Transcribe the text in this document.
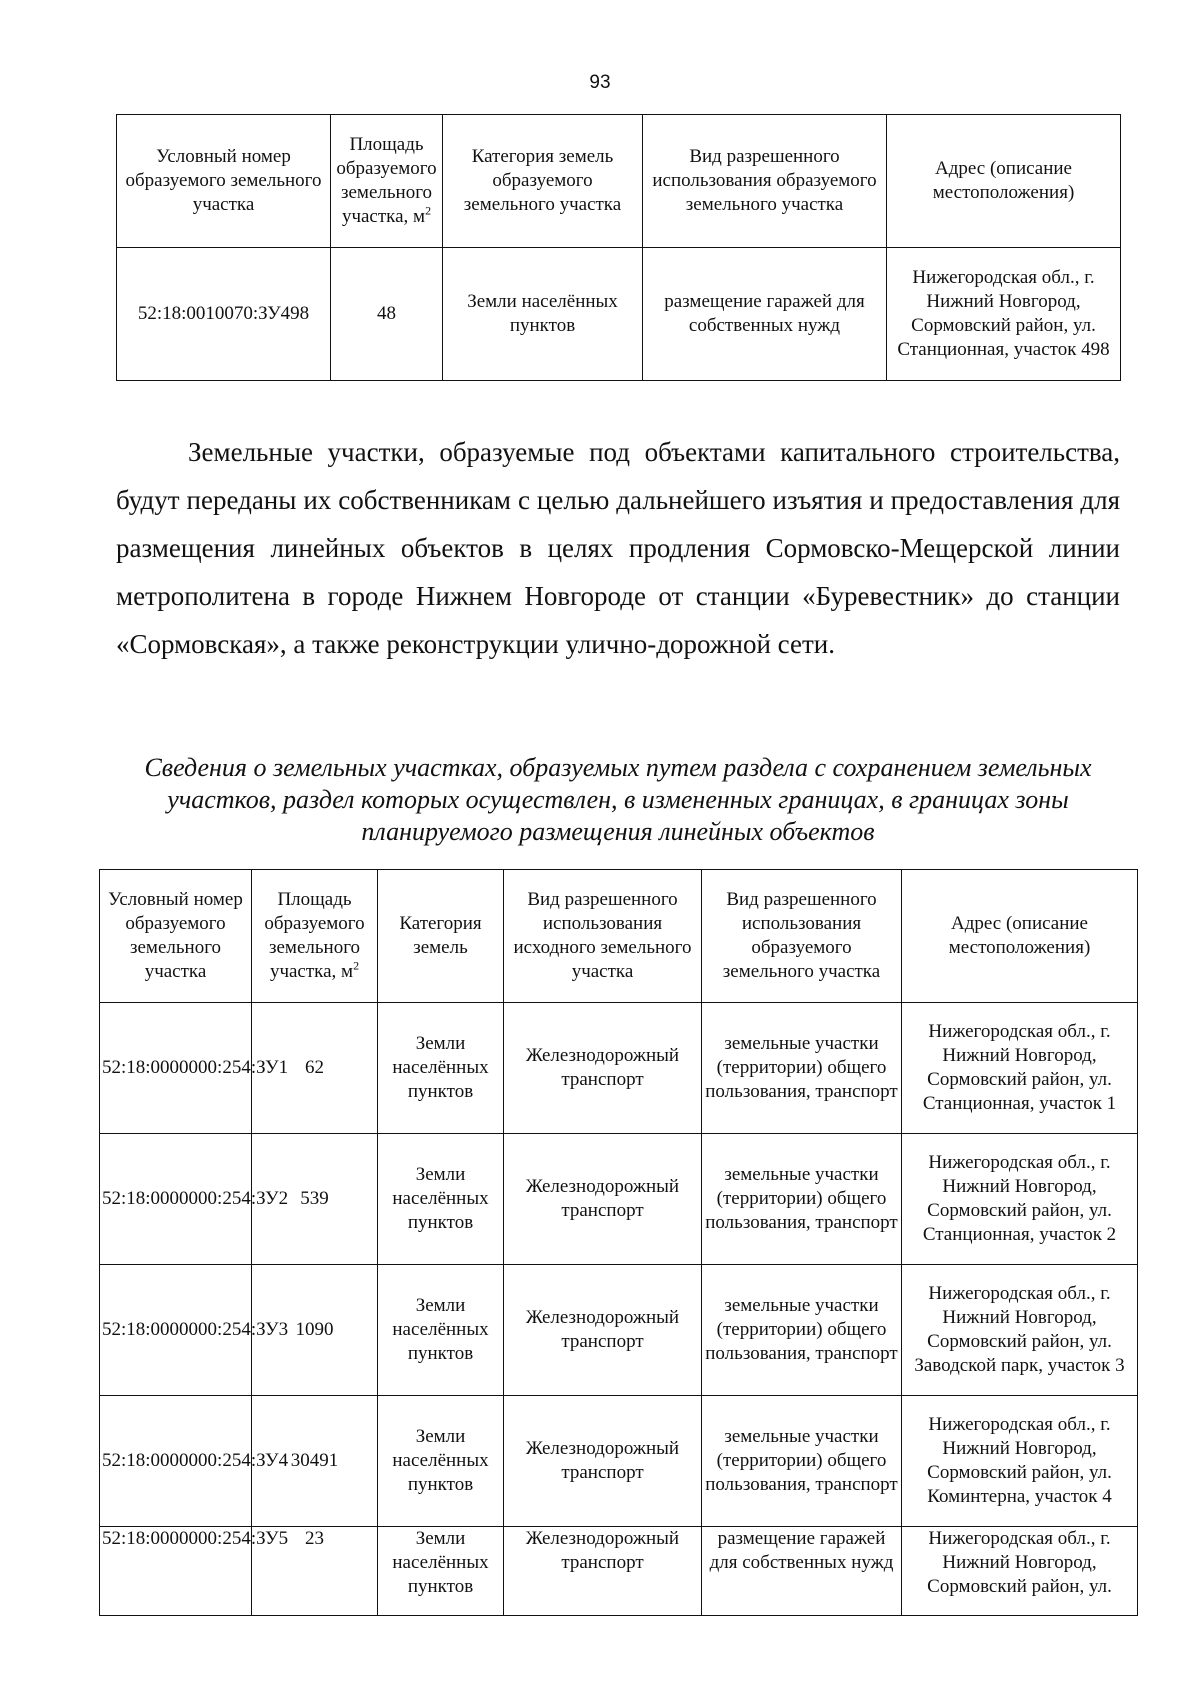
93
Условный номер образуемого земельного участка	Площадь образуемого земельного участка, $м^2$	Категория земель образуемого земельного участка	Вид разрешенного использования образуемого земельного участка	Адрес (описание местоположения)
52:18:0010070:ЗУ498	48	Земли населённых пунктов	размещение гаражей для собственных нужд	Нижегородская обл., г. Нижний Новгород, Сормовский район, ул. Станционная, участок 498
Земельные участки, образуемые под объектами капитального строительства, будут переданы их собственникам с целью дальнейшего изъятия и предоставления для размещения линейных объектов в целях продления Сормовско-Мещерской линии метрополитена в городе Нижнем Новгороде от станции «Буревестник» до станции «Сормовская», а также реконструкции улично-дорожной сети.
Сведения о земельных участках, образуемых путем раздела с сохранением земельных участков, раздел которых осуществлен, в измененных границах, в границах зоны планируемого размещения линейных объектов
Условный номер образуемого земельного участка	Площадь образуемого земельного участка, $м^2$	Категория земель	Вид разрешенного использования исходного земельного участка	Вид разрешенного использования образуемого земельного участка	Адрес (описание местоположения)
52:18:0000000:254:ЗУ1	62	Земли населённых пунктов	Железнодорожный транспорт	земельные участки (территории) общего пользования, транспорт	Нижегородская обл., г. Нижний Новгород, Сормовский район, ул. Станционная, участок 1
52:18:0000000:254:ЗУ2	539	Земли населённых пунктов	Железнодорожный транспорт	земельные участки (территории) общего пользования, транспорт	Нижегородская обл., г. Нижний Новгород, Сормовский район, ул. Станционная, участок 2
52:18:0000000:254:ЗУ3	1090	Земли населённых пунктов	Железнодорожный транспорт	земельные участки (территории) общего пользования, транспорт	Нижегородская обл., г. Нижний Новгород, Сормовский район, ул. Заводской парк, участок 3
52:18:0000000:254:ЗУ4	30491	Земли населённых пунктов	Железнодорожный транспорт	земельные участки (территории) общего пользования, транспорт	Нижегородская обл., г. Нижний Новгород, Сормовский район, ул. Коминтерна, участок 4

52:18:0000000:254:ЗУ5	23	Земли населённых пунктов	Железнодорожный транспорт	размещение гаражей для собственных нужд	Нижегородская обл., г. Нижний Новгород, Сормовский район, ул.
